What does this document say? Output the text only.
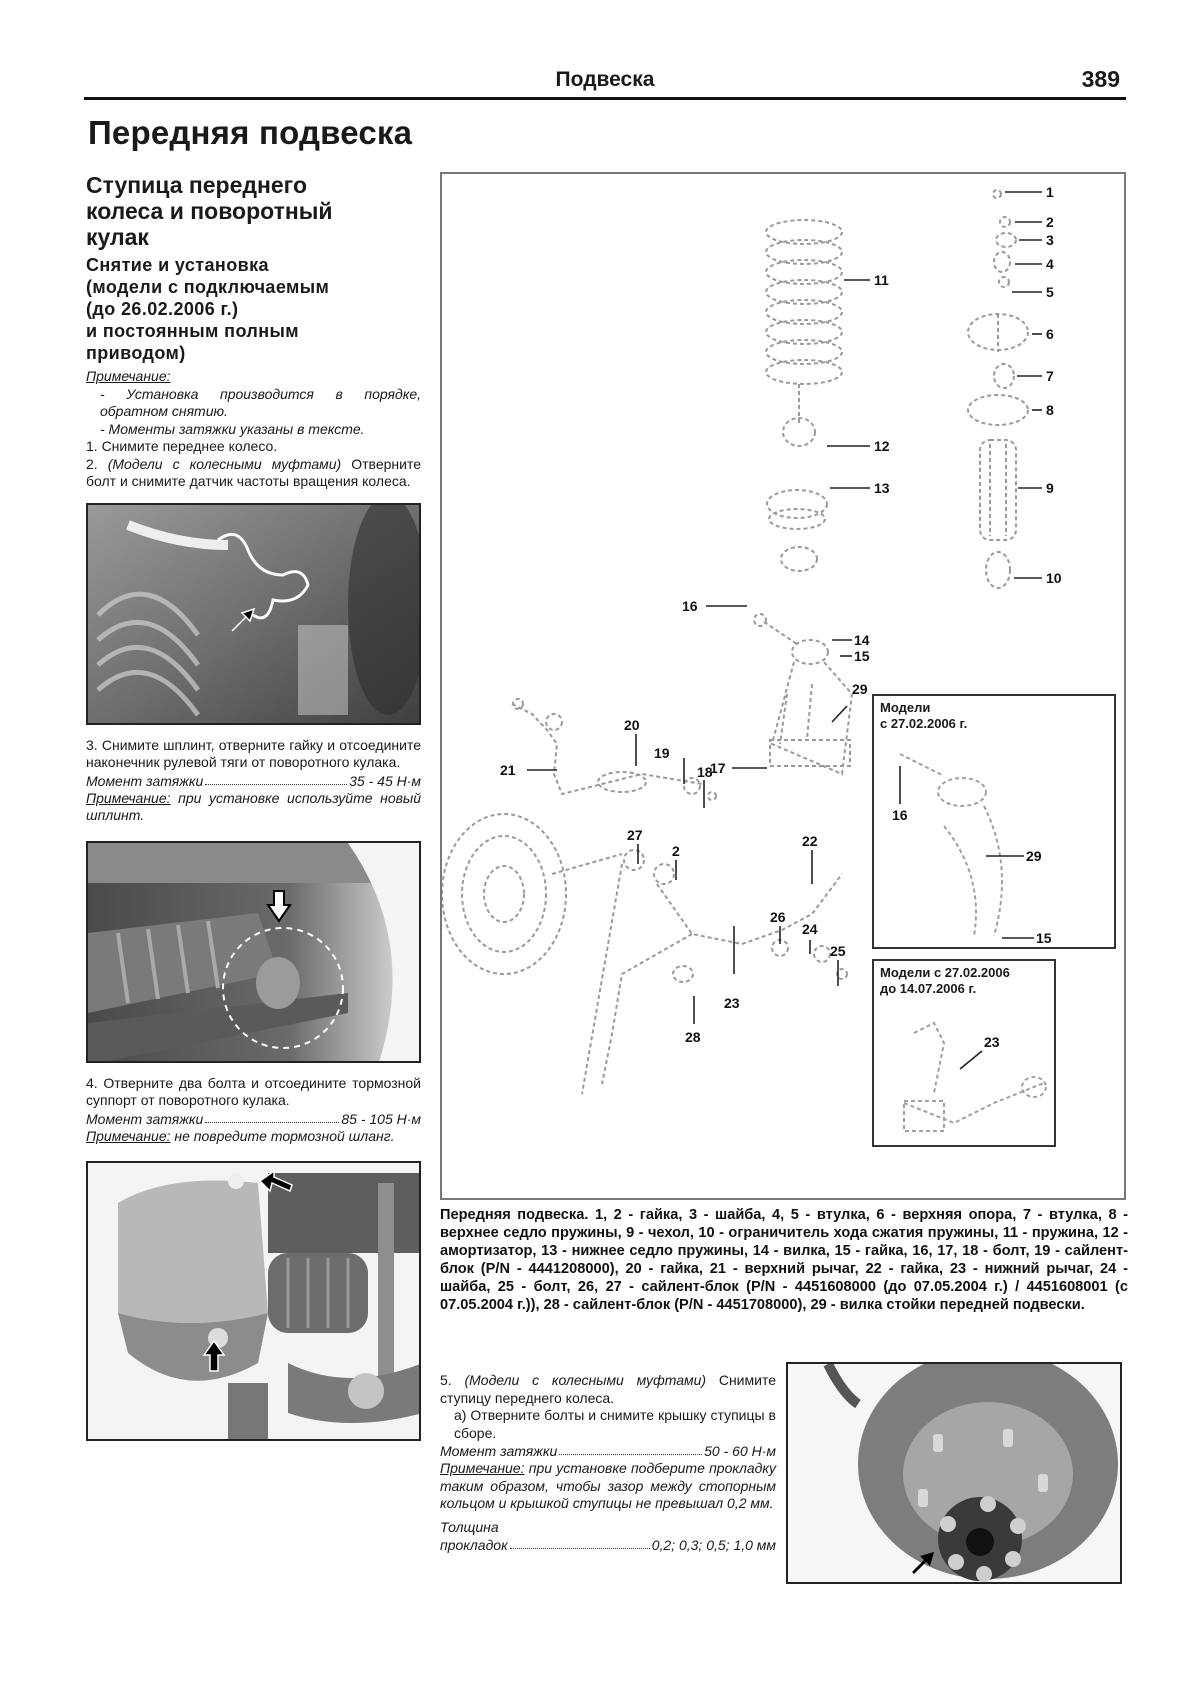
Подвеска	389
Передняя подвеска
Ступица переднего колеса и поворотный кулак
Снятие и установка
(модели с подключаемым
(до 26.02.2006 г.)
и постоянным полным
приводом)
Примечание:
- Установка производится в порядке, обратном снятию.
- Моменты затяжки указаны в тексте.
1. Снимите переднее колесо.
2. (Модели с колесными муфтами) Отверните болт и снимите датчик частоты вращения колеса.
3. Снимите шплинт, отверните гайку и отсоедините наконечник рулевой тяги от поворотного кулака.
Момент затяжки	35 - 45 Н·м
Примечание: при установке используйте новый шплинт.
4. Отверните два болта и отсоедините тормозной суппорт от поворотного кулака.
Момент затяжки	85 - 105 Н·м
Примечание: не повредите тормозной шланг.
1
2
3
4
5
6
7
8
9
10
11
12
13
14
15
16
17
18
19
20
21
22
23
24
25
26
27
2
28
29
Модели
с 27.02.2006 г.
16
29
15
Модели с 27.02.2006
до 14.07.2006 г.
23
Передняя подвеска. 1, 2 - гайка, 3 - шайба, 4, 5 - втулка, 6 - верхняя опора, 7 - втулка, 8 - верхнее седло пружины, 9 - чехол, 10 - ограничитель хода сжатия пружины, 11 - пружина, 12 - амортизатор, 13 - нижнее седло пружины, 14 - вилка, 15 - гайка, 16, 17, 18 - болт, 19 - сайлент-блок (P/N - 4441208000), 20 - гайка, 21 - верхний рычаг, 22 - гайка, 23 - нижний рычаг, 24 - шайба, 25 - болт, 26, 27 - сайлент-блок (P/N - 4451608000 (до 07.05.2004 г.) / 4451608001 (с 07.05.2004 г.)), 28 - сайлент-блок (P/N - 4451708000), 29 - вилка стойки передней подвески.
5. (Модели с колесными муфтами) Снимите ступицу переднего колеса.
а) Отверните болты и снимите крышку ступицы в сборе.
Момент затяжки	50 - 60 Н·м
Примечание: при установке подберите прокладку таким образом, чтобы зазор между стопорным кольцом и крышкой ступицы не превышал 0,2 мм.
Толщина
прокладок	0,2; 0,3; 0,5; 1,0 мм
